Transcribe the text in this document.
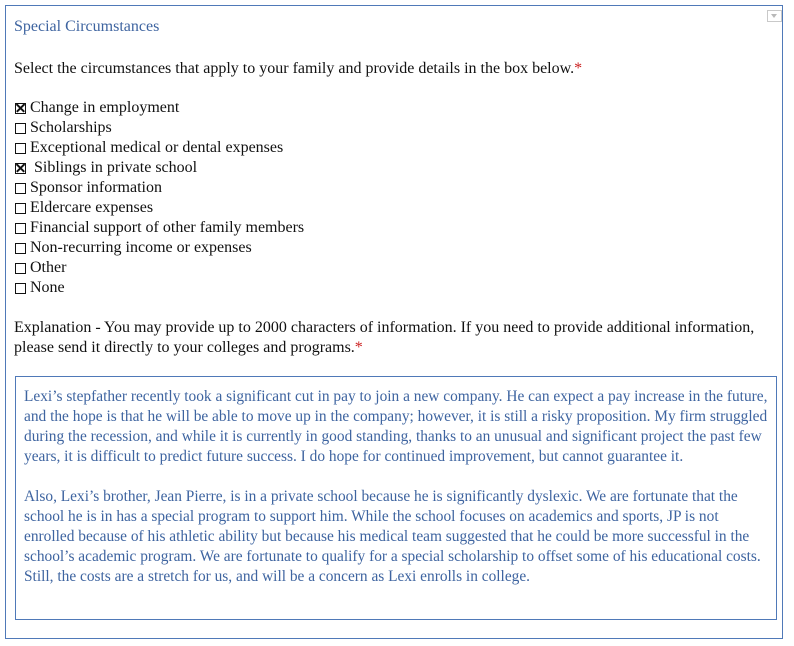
Special Circumstances
Select the circumstances that apply to your family and provide details in the box below.*
Change in employment
Scholarships
Exceptional medical or dental expenses
Siblings in private school
Sponsor information
Eldercare expenses
Financial support of other family members
Non-recurring income or expenses
Other
None
Explanation - You may provide up to 2000 characters of information. If you need to provide additional information, please send it directly to your colleges and programs.*

Lexi’s stepfather recently took a significant cut in pay to join a new company. He can expect a pay increase in the future, and the hope is that he will be able to move up in the company; however, it is still a risky proposition. My firm struggled during the recession, and while it is currently in good standing, thanks to an unusual and significant project the past few years, it is difficult to predict future success. I do hope for continued improvement, but cannot guarantee it.

Also, Lexi’s brother, Jean Pierre, is in a private school because he is significantly dyslexic. We are fortunate that the school he is in has a special program to support him. While the school focuses on academics and sports, JP is not enrolled because of his athletic ability but because his medical team suggested that he could be more successful in the school’s academic program. We are fortunate to qualify for a special scholarship to offset some of his educational costs. Still, the costs are a stretch for us, and will be a concern as Lexi enrolls in college.
